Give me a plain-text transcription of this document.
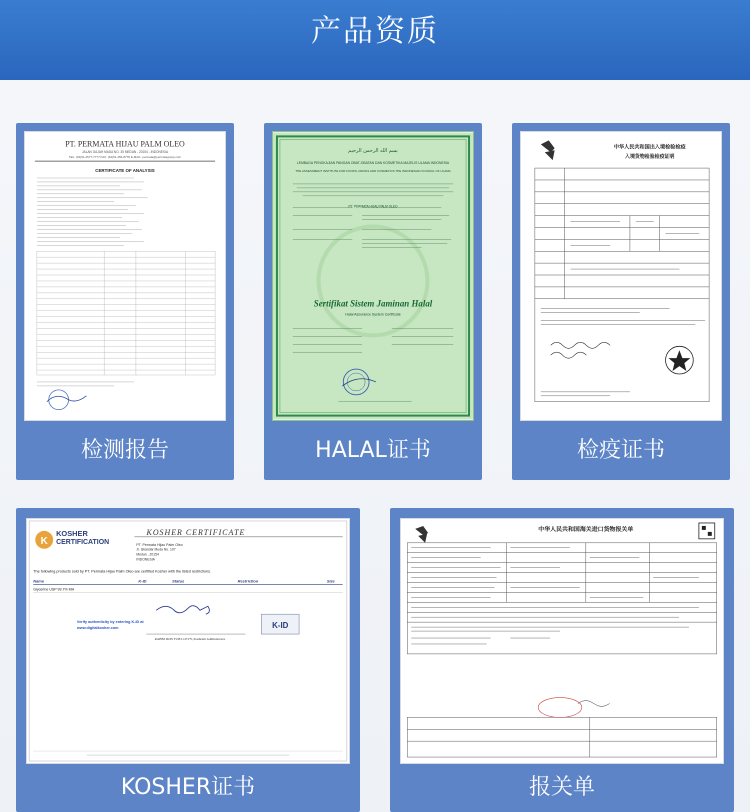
产品资质
PT. PERMATA HIJAU PALM OLEO
JALAN GAJAH MADA NO. 35 MEDAN - 20154 - INDONESIA
TEL: (62)61-4577-7777 FAX: (62)61-456-8778 E-MAIL: permata@permatagroup.com
CERTIFICATE OF ANALYSIS
检测报告
بسم الله الرحمن الرحيم
LEMBAGA PENGKAJIAN PANGAN OBAT-OBATAN DAN KOSMETIKA MAJELIS ULAMA INDONESIA
THE ASSESSMENT INSTITUTE FOR FOODS, DRUGS AND COSMETICS THE INDONESIAN COUNCIL OF ULAMA
PT. PERMATA HIJAU PALM OLEO
Sertifikat Sistem Jaminan Halal
Halal Assurance System Certificate
HALAL证书
中华人民共和国出入境检验检疫
入境货物检验检疫证明
检疫证书
K
KOSHER
CERTIFICATION
KOSHER CERTIFICATE
PT. Permata Hijau Palm Oleo
Jl. Iskandar Muda No. 107
Medan , 20154
INDONESIA
The following products sold by PT. Permata Hijau Palm Oleo are certified Kosher with the listed restrictions.
Name	K-ID	Status	Restriction	Size
Glycerine USP 99.7% MH
Verify authenticity by entering K-ID at
www.digitalkosher.com	K-ID
RABBI DON YOEL LEVY, Kashruth Administrator
KOSHER证书
中华人民共和国海关进口货物报关单
报关单
